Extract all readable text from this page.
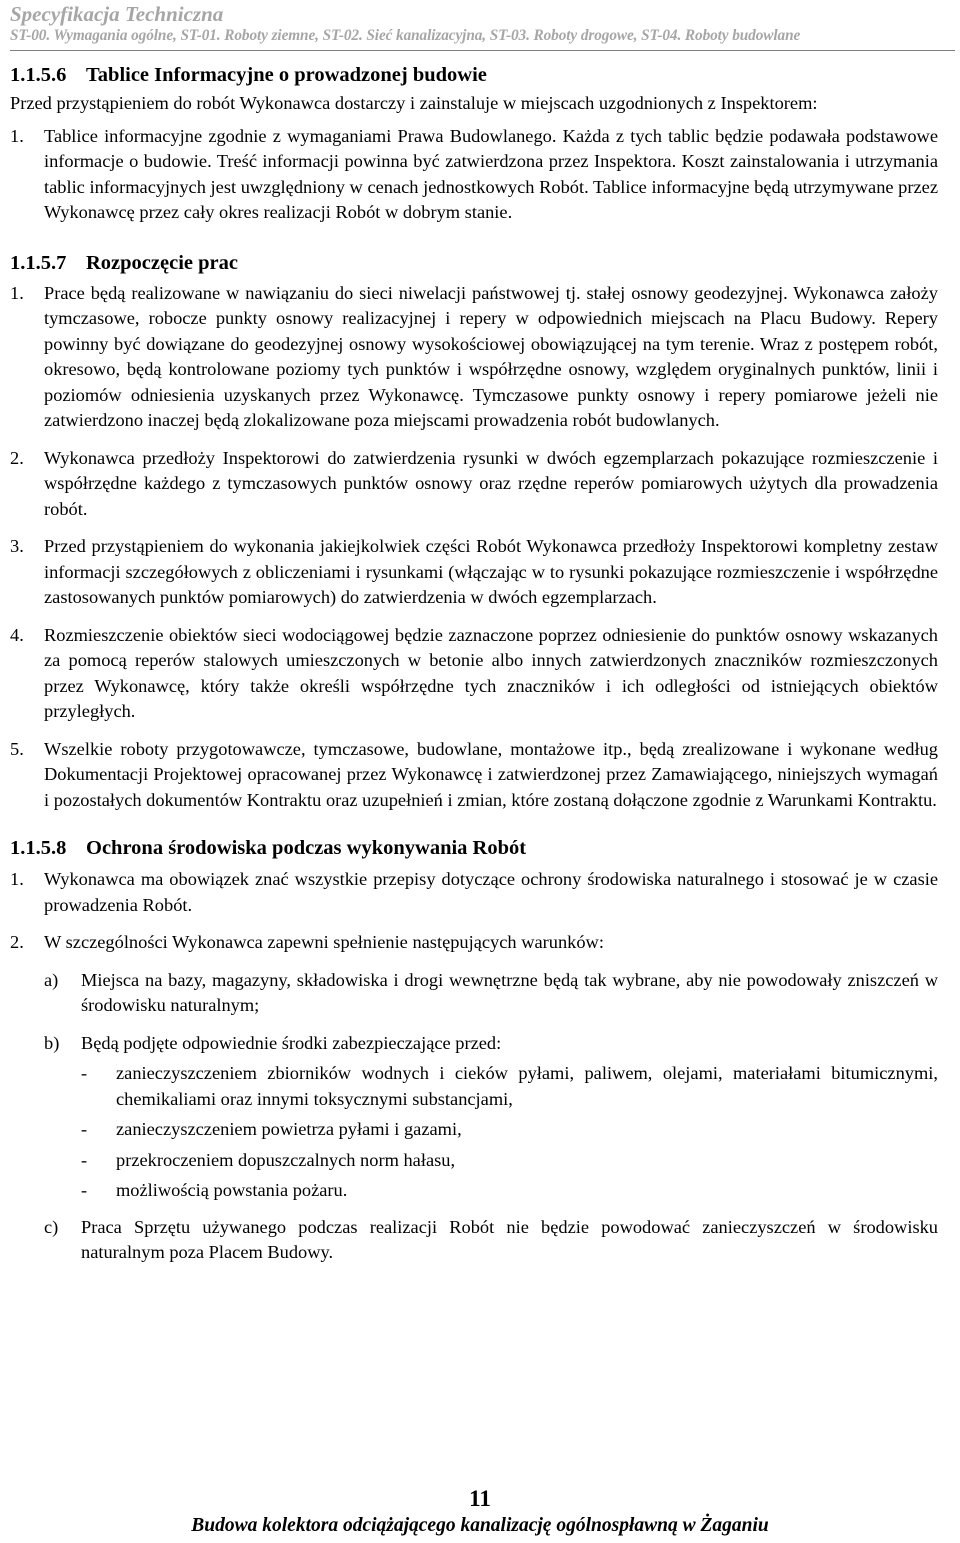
Specyfikacja Techniczna
ST-00. Wymagania ogólne, ST-01. Roboty ziemne, ST-02. Sieć kanalizacyjna, ST-03. Roboty drogowe, ST-04. Roboty budowlane
1.1.5.6 Tablice Informacyjne o prowadzonej budowie

Przed przystąpieniem do robót Wykonawca dostarczy i zainstaluje w miejscach uzgodnionych z Inspektorem:

1.	Tablice informacyjne zgodnie z wymaganiami Prawa Budowlanego. Każda z tych tablic będzie podawała podstawowe informacje o budowie. Treść informacji powinna być zatwierdzona przez Inspektora. Koszt zainstalowania i utrzymania tablic informacyjnych jest uwzględniony w cenach jednostkowych Robót. Tablice informacyjne będą utrzymywane przez Wykonawcę przez cały okres realizacji Robót w dobrym stanie.
1.1.5.7 Rozpoczęcie prac
1.	Prace będą realizowane w nawiązaniu do sieci niwelacji państwowej tj. stałej osnowy geodezyjnej. Wykonawca założy tymczasowe, robocze punkty osnowy realizacyjnej i repery w odpowiednich miejscach na Placu Budowy. Repery powinny być dowiązane do geodezyjnej osnowy wysokościowej obowiązującej na tym terenie. Wraz z postępem robót, okresowo, będą kontrolowane poziomy tych punktów i współrzędne osnowy, względem oryginalnych punktów, linii i poziomów odniesienia uzyskanych przez Wykonawcę. Tymczasowe punkty osnowy i repery pomiarowe jeżeli nie zatwierdzono inaczej będą zlokalizowane poza miejscami prowadzenia robót budowlanych.
2.	Wykonawca przedłoży Inspektorowi do zatwierdzenia rysunki w dwóch egzemplarzach pokazujące rozmieszczenie i współrzędne każdego z tymczasowych punktów osnowy oraz rzędne reperów pomiarowych użytych dla prowadzenia robót.
3.	Przed przystąpieniem do wykonania jakiejkolwiek części Robót Wykonawca przedłoży Inspektorowi kompletny zestaw informacji szczegółowych z obliczeniami i rysunkami (włączając w to rysunki pokazujące rozmieszczenie i współrzędne zastosowanych punktów pomiarowych) do zatwierdzenia w dwóch egzemplarzach.
4.	Rozmieszczenie obiektów sieci wodociągowej będzie zaznaczone poprzez odniesienie do punktów osnowy wskazanych za pomocą reperów stalowych umieszczonych w betonie albo innych zatwierdzonych znaczników rozmieszczonych przez Wykonawcę, który także określi współrzędne tych znaczników i ich odległości od istniejących obiektów przyległych.
5.	Wszelkie roboty przygotowawcze, tymczasowe, budowlane, montażowe itp., będą zrealizowane i wykonane według Dokumentacji Projektowej opracowanej przez Wykonawcę i zatwierdzonej przez Zamawiającego, niniejszych wymagań i pozostałych dokumentów Kontraktu oraz uzupełnień i zmian, które zostaną dołączone zgodnie z Warunkami Kontraktu.
1.1.5.8 Ochrona środowiska podczas wykonywania Robót
1.	Wykonawca ma obowiązek znać wszystkie przepisy dotyczące ochrony środowiska naturalnego i stosować je w czasie prowadzenia Robót.
2.	W szczególności Wykonawca zapewni spełnienie następujących warunków:
a)	Miejsca na bazy, magazyny, składowiska i drogi wewnętrzne będą tak wybrane, aby nie powodowały zniszczeń w środowisku naturalnym;
b)	Będą podjęte odpowiednie środki zabezpieczające przed:
-	zanieczyszczeniem zbiorników wodnych i cieków pyłami, paliwem, olejami, materiałami bitumicznymi, chemikaliami oraz innymi toksycznymi substancjami,
-	zanieczyszczeniem powietrza pyłami i gazami,
-	przekroczeniem dopuszczalnych norm hałasu,
-	możliwością powstania pożaru.
c)	Praca Sprzętu używanego podczas realizacji Robót nie będzie powodować zanieczyszczeń w środowisku naturalnym poza Placem Budowy.
11
Budowa kolektora odciążającego kanalizację ogólnospławną w Żaganiu
